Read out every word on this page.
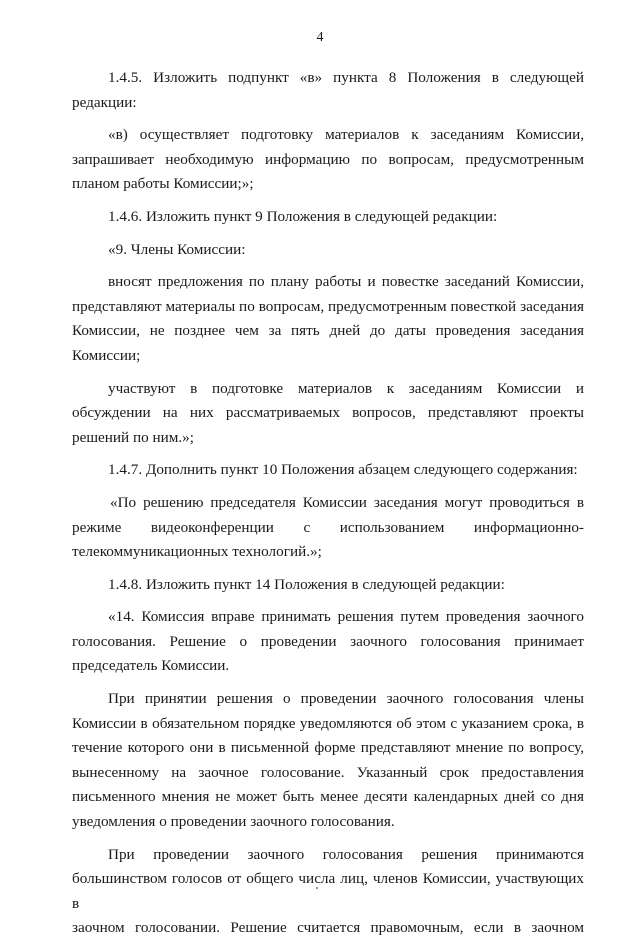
4
1.4.5. Изложить подпункт «в» пункта 8 Положения в следующей
редакции:
«в) осуществляет подготовку материалов к заседаниям Комиссии,
запрашивает необходимую информацию по вопросам, предусмотренным
планом работы Комиссии;»;
1.4.6. Изложить пункт 9 Положения в следующей редакции:
«9. Члены Комиссии:
вносят предложения по плану работы и повестке заседаний Комиссии,
представляют материалы по вопросам, предусмотренным повесткой заседания
Комиссии, не позднее чем за пять дней до даты проведения заседания
Комиссии;
участвуют в подготовке материалов к заседаниям Комиссии и
обсуждении на них рассматриваемых вопросов, представляют проекты
решений по ним.»;
1.4.7. Дополнить пункт 10 Положения абзацем следующего содержания:
«По решению председателя Комиссии заседания могут проводиться в
режиме видеоконференции с использованием информационно-
телекоммуникационных технологий.»;
1.4.8. Изложить пункт 14 Положения в следующей редакции:
«14. Комиссия вправе принимать решения путем проведения заочного
голосования. Решение о проведении заочного голосования принимает
председатель Комиссии.
При принятии решения о проведении заочного голосования члены
Комиссии в обязательном порядке уведомляются об этом с указанием срока, в
течение которого они в письменной форме представляют мнение по вопросу,
вынесенному на заочное голосование. Указанный срок предоставления
письменного мнения не может быть менее десяти календарных дней со дня
уведомления о проведении заочного голосования.
При проведении заочного голосования решения принимаются
большинством голосов от общего числа лиц, членов Комиссии, участвующих в
заочном голосовании. Решение считается правомочным, если в заочном
